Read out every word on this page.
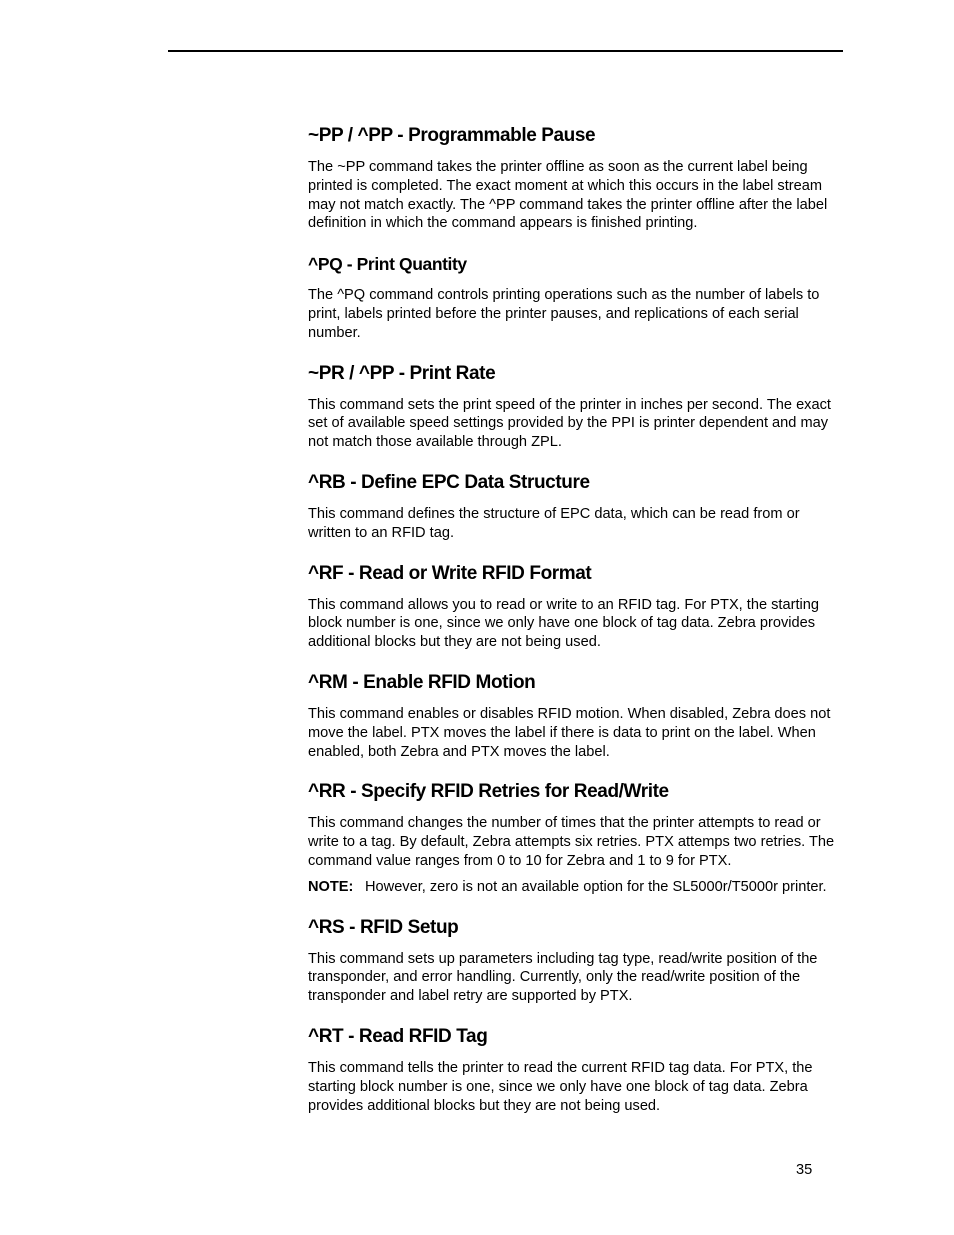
~PP / ^PP - Programmable Pause

The ~PP command takes the printer offline as soon as the current label being printed is completed. The exact moment at which this occurs in the label stream may not match exactly. The ^PP command takes the printer offline after the label definition in which the command appears is finished printing.

^PQ - Print Quantity

The ^PQ command controls printing operations such as the number of labels to print, labels printed before the printer pauses, and replications of each serial number.

~PR / ^PP - Print Rate

This command sets the print speed of the printer in inches per second. The exact set of available speed settings provided by the PPI is printer dependent and may not match those available through ZPL.

^RB - Define EPC Data Structure

This command defines the structure of EPC data, which can be read from or written to an RFID tag.

^RF - Read or Write RFID Format

This command allows you to read or write to an RFID tag. For PTX, the starting block number is one, since we only have one block of tag data. Zebra provides additional blocks but they are not being used.

^RM - Enable RFID Motion

This command enables or disables RFID motion. When disabled, Zebra does not move the label. PTX moves the label if there is data to print on the label. When enabled, both Zebra and PTX moves the label.

^RR - Specify RFID Retries for Read/Write

This command changes the number of times that the printer attempts to read or write to a tag. By default, Zebra attempts six retries. PTX attemps two retries. The command value ranges from 0 to 10 for Zebra and 1 to 9 for PTX.

NOTE: However, zero is not an available option for the SL5000r/T5000r printer.
^RS - RFID Setup

This command sets up parameters including tag type, read/write position of the transponder, and error handling. Currently, only the read/write position of the transponder and label retry are supported by PTX.

^RT - Read RFID Tag

This command tells the printer to read the current RFID tag data. For PTX, the starting block number is one, since we only have one block of tag data. Zebra provides additional blocks but they are not being used.

35
